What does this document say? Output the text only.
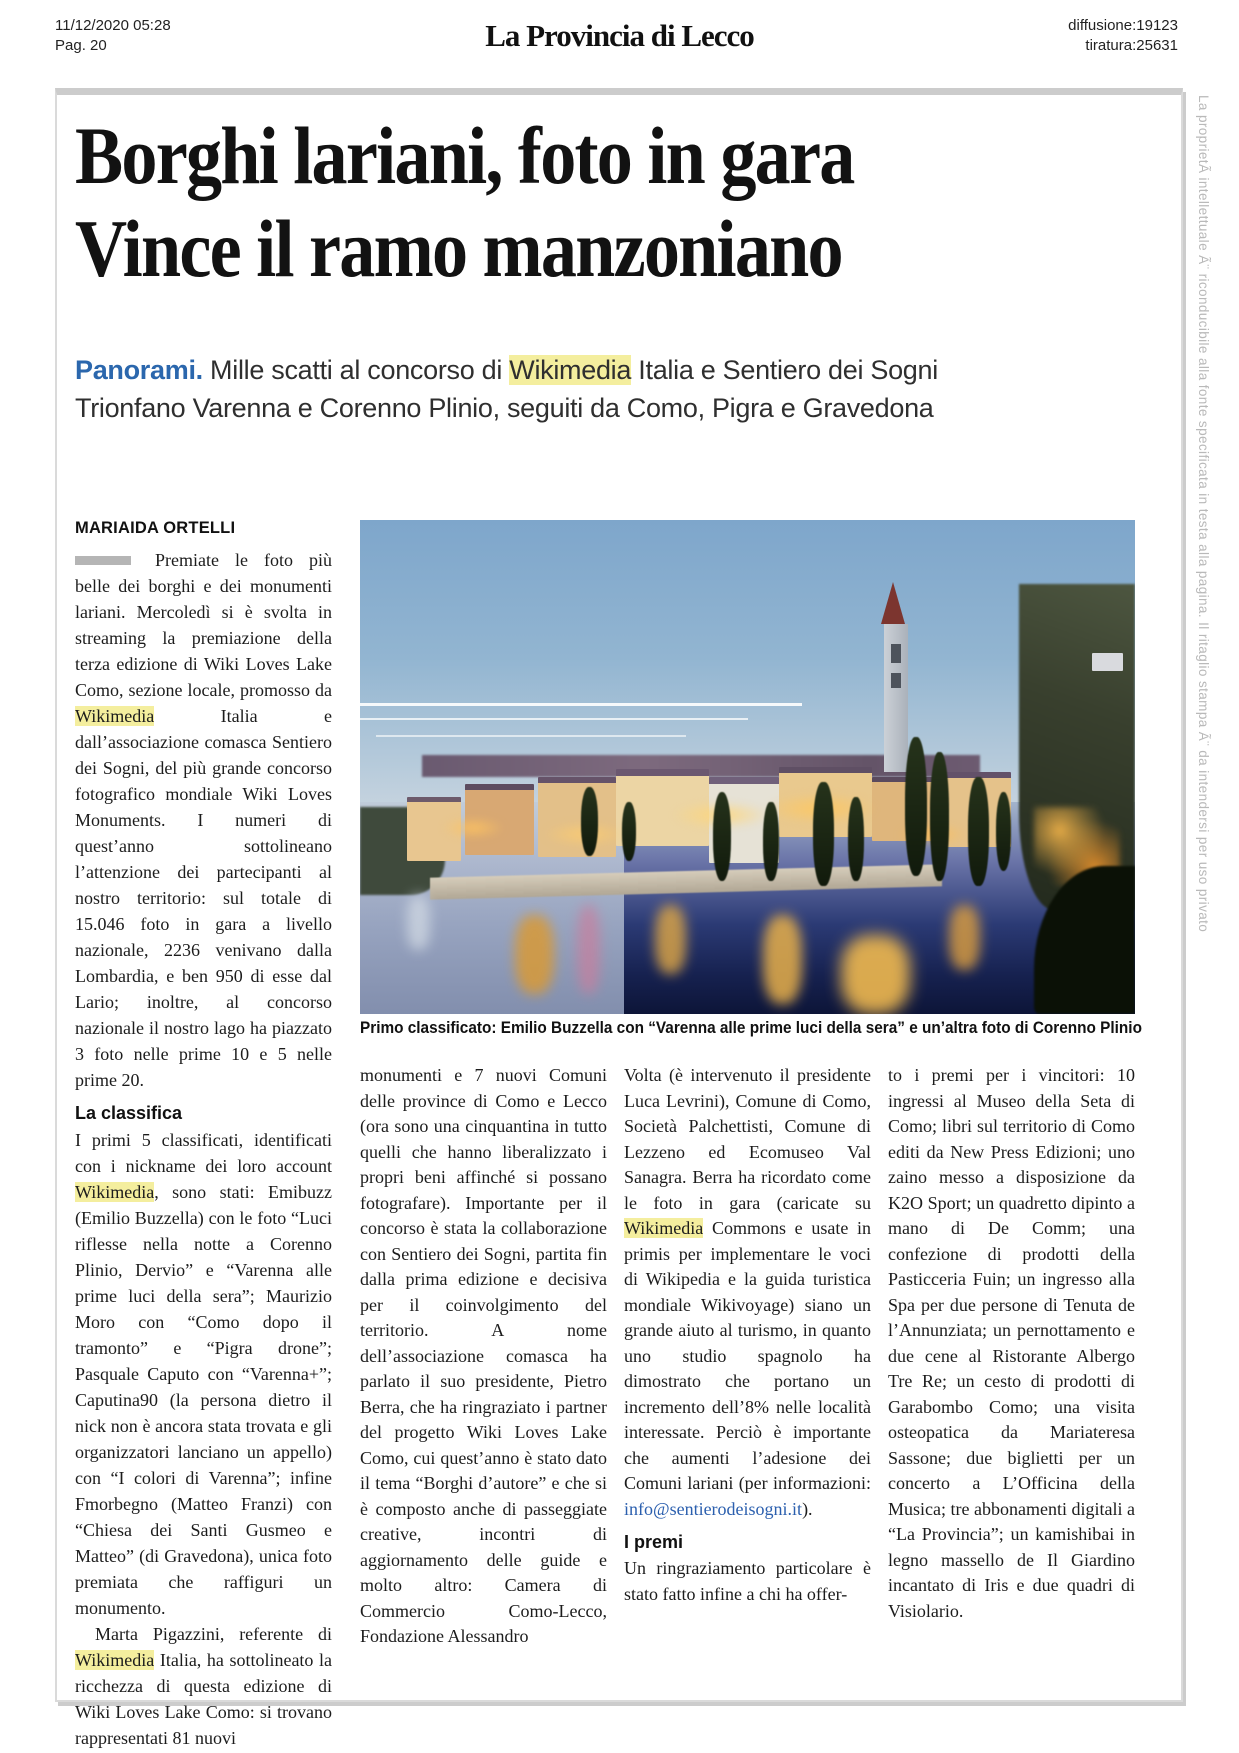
11/12/2020 05:28
Pag. 20	La Provincia di Lecco	diffusione:19123
tiratura:25631
La proprietÃ intellettuale Ã¨ riconducibile alla fonte specificata in testa alla pagina. Il ritaglio stampa Ã¨ da intendersi per uso privato
Borghi lariani, foto in gara
Vince il ramo manzoniano
Panorami. Mille scatti al concorso di Wikimedia Italia e Sentiero dei Sogni
Trionfano Varenna e Corenno Plinio, seguiti da Como, Pigra e Gravedona
MARIAIDA ORTELLI

Premiate le foto più belle dei borghi e dei monumenti lariani. Mercoledì si è svolta in streaming la premiazione della terza edizione di Wiki Loves Lake Como, sezione locale, promosso da Wikimedia Italia e dall’associazione comasca Sentiero dei Sogni, del più grande concorso fotografico mondiale Wiki Loves Monuments. I numeri di quest’anno sottolineano l’attenzione dei partecipanti al nostro territorio: sul totale di 15.046 foto in gara a livello nazionale, 2236 venivano dalla Lombardia, e ben 950 di esse dal Lario; inoltre, al concorso nazionale il nostro lago ha piazzato 3 foto nelle prime 10 e 5 nelle prime 20.

La classifica

I primi 5 classificati, identificati con i nickname dei loro account Wikimedia, sono stati: Emibuzz (Emilio Buzzella) con le foto “Luci riflesse nella notte a Corenno Plinio, Dervio” e “Varenna alle prime luci della sera”; Maurizio Moro con “Como dopo il tramonto” e “Pigra drone”; Pasquale Caputo con “Varenna+”; Caputina90 (la persona dietro il nick non è ancora stata trovata e gli organizzatori lanciano un appello) con “I colori di Varenna”; infine Fmorbegno (Matteo Franzi) con “Chiesa dei Santi Gusmeo e Matteo” (di Gravedona), unica foto premiata che raffiguri un monumento.

Marta Pigazzini, referente di Wikimedia Italia, ha sottolineato la ricchezza di questa edizione di Wiki Loves Lake Como: si trovano rappresentati 81 nuovi

Primo classificato: Emilio Buzzella con “Varenna alle prime luci della sera” e un’altra foto di Corenno Plinio

monumenti e 7 nuovi Comuni delle province di Como e Lecco (ora sono una cinquantina in tutto quelli che hanno liberalizzato i propri beni affinché si possano fotografare). Importante per il concorso è stata la collaborazione con Sentiero dei Sogni, partita fin dalla prima edizione e decisiva per il coinvolgimento del territorio. A nome dell’associazione comasca ha parlato il suo presidente, Pietro Berra, che ha ringraziato i partner del progetto Wiki Loves Lake Como, cui quest’anno è stato dato il tema “Borghi d’autore” e che si è composto anche di passeggiate creative, incontri di aggiornamento delle guide e molto altro: Camera di Commercio Como-Lecco, Fondazione Alessandro

Volta (è intervenuto il presidente Luca Levrini), Comune di Como, Società Palchettisti, Comune di Lezzeno ed Ecomuseo Val Sanagra. Berra ha ricordato come le foto in gara (caricate su Wikimedia Commons e usate in primis per implementare le voci di Wikipedia e la guida turistica mondiale Wikivoyage) siano un grande aiuto al turismo, in quanto uno studio spagnolo ha dimostrato che portano un incremento dell’8% nelle località interessate. Perciò è importante che aumenti l’adesione dei Comuni lariani (per informazioni: info@sentierodeisogni.it).

I premi

Un ringraziamento particolare è stato fatto infine a chi ha offer-

to i premi per i vincitori: 10 ingressi al Museo della Seta di Como; libri sul territorio di Como editi da New Press Edizioni; uno zaino messo a disposizione da K2O Sport; un quadretto dipinto a mano di De Comm; una confezione di prodotti della Pasticceria Fuin; un ingresso alla Spa per due persone di Tenuta de l’Annunziata; un pernottamento e due cene al Ristorante Albergo Tre Re; un cesto di prodotti di Garabombo Como; una visita osteopatica da Mariateresa Sassone; due biglietti per un concerto a L’Officina della Musica; tre abbonamenti digitali a “La Provincia”; un kamishibai in legno massello de Il Giardino incantato di Iris e due quadri di Visiolario.
